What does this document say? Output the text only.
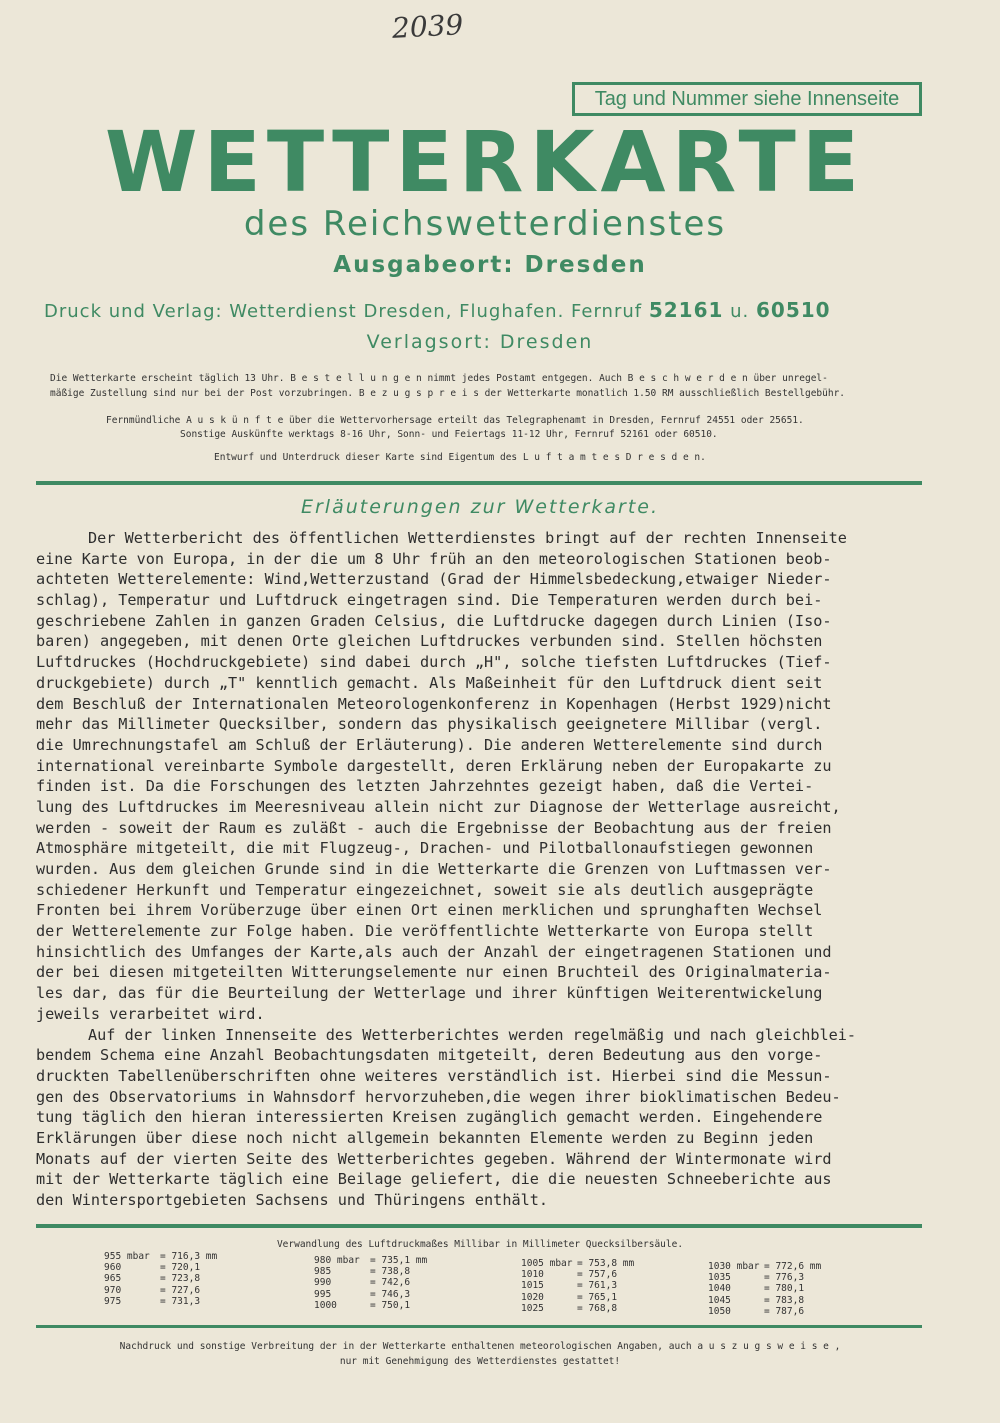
2039
Tag und Nummer siehe Innenseite
WETTERKARTE
des Reichswetterdienstes
Ausgabeort: Dresden
Druck und Verlag: Wetterdienst Dresden, Flughafen. Fernruf 52161 u. 60510
Verlagsort: Dresden
Die Wetterkarte erscheint täglich 13 Uhr. B e s t e l l u n g e n nimmt jedes Postamt entgegen. Auch B e s c h w e r d e n über unregel-
mäßige Zustellung sind nur bei der Post vorzubringen. B e z u g s p r e i s der Wetterkarte monatlich 1.50 RM ausschließlich Bestellgebühr.
Fernmündliche A u s k ü n f t e über die Wettervorhersage erteilt das Telegraphenamt in Dresden, Fernruf 24551 oder 25651.
Sonstige Auskünfte werktags 8-16 Uhr, Sonn- und Feiertags 11-12 Uhr, Fernruf 52161 oder 60510.
Entwurf und Unterdruck dieser Karte sind Eigentum des L u f t a m t e s D r e s d e n.
Erläuterungen zur Wetterkarte.
Der Wetterbericht des öffentlichen Wetterdienstes bringt auf der rechten Innenseite
eine Karte von Europa, in der die um 8 Uhr früh an den meteorologischen Stationen beob-
achteten Wetterelemente: Wind,Wetterzustand (Grad der Himmelsbedeckung,etwaiger Nieder-
schlag), Temperatur und Luftdruck eingetragen sind. Die Temperaturen werden durch bei-
geschriebene Zahlen in ganzen Graden Celsius, die Luftdrucke dagegen durch Linien (Iso-
baren) angegeben, mit denen Orte gleichen Luftdruckes verbunden sind. Stellen höchsten
Luftdruckes (Hochdruckgebiete) sind dabei durch „H", solche tiefsten Luftdruckes (Tief-
druckgebiete) durch „T" kenntlich gemacht. Als Maßeinheit für den Luftdruck dient seit
dem Beschluß der Internationalen Meteorologenkonferenz in Kopenhagen (Herbst 1929)nicht
mehr das Millimeter Quecksilber, sondern das physikalisch geeignetere Millibar (vergl.
die Umrechnungstafel am Schluß der Erläuterung). Die anderen Wetterelemente sind durch
international vereinbarte Symbole dargestellt, deren Erklärung neben der Europakarte zu
finden ist. Da die Forschungen des letzten Jahrzehntes gezeigt haben, daß die Vertei-
lung des Luftdruckes im Meeresniveau allein nicht zur Diagnose der Wetterlage ausreicht,
werden - soweit der Raum es zuläßt - auch die Ergebnisse der Beobachtung aus der freien
Atmosphäre mitgeteilt, die mit Flugzeug-, Drachen- und Pilotballonaufstiegen gewonnen
wurden. Aus dem gleichen Grunde sind in die Wetterkarte die Grenzen von Luftmassen ver-
schiedener Herkunft und Temperatur eingezeichnet, soweit sie als deutlich ausgeprägte
Fronten bei ihrem Vorüberzuge über einen Ort einen merklichen und sprunghaften Wechsel
der Wetterelemente zur Folge haben. Die veröffentlichte Wetterkarte von Europa stellt
hinsichtlich des Umfanges der Karte,als auch der Anzahl der eingetragenen Stationen und
der bei diesen mitgeteilten Witterungselemente nur einen Bruchteil des Originalmateria-
les dar, das für die Beurteilung der Wetterlage und ihrer künftigen Weiterentwickelung
jeweils verarbeitet wird.
Auf der linken Innenseite des Wetterberichtes werden regelmäßig und nach gleichblei-
bendem Schema eine Anzahl Beobachtungsdaten mitgeteilt, deren Bedeutung aus den vorge-
druckten Tabellenüberschriften ohne weiteres verständlich ist. Hierbei sind die Messun-
gen des Observatoriums in Wahnsdorf hervorzuheben,die wegen ihrer bioklimatischen Bedeu-
tung täglich den hieran interessierten Kreisen zugänglich gemacht werden. Eingehendere
Erklärungen über diese noch nicht allgemein bekannten Elemente werden zu Beginn jeden
Monats auf der vierten Seite des Wetterberichtes gegeben. Während der Wintermonate wird
mit der Wetterkarte täglich eine Beilage geliefert, die die neuesten Schneeberichte aus
den Wintersportgebieten Sachsens und Thüringens enthält.
Verwandlung des Luftdruckmaßes Millibar in Millimeter Quecksilbersäule.
955 mbar = 716,3 mm
960	= 720,1
965	= 723,8
970	= 727,6
975	= 731,3
980 mbar = 735,1 mm
985	= 738,8
990	= 742,6
995	= 746,3
1000	= 750,1
1005 mbar = 753,8 mm
1010	= 757,6
1015	= 761,3
1020	= 765,1
1025	= 768,8
1030 mbar = 772,6 mm
1035	= 776,3
1040	= 780,1
1045	= 783,8
1050	= 787,6
Nachdruck und sonstige Verbreitung der in der Wetterkarte enthaltenen meteorologischen Angaben, auch a u s z u g s w e i s e ,
nur mit Genehmigung des Wetterdienstes gestattet!
